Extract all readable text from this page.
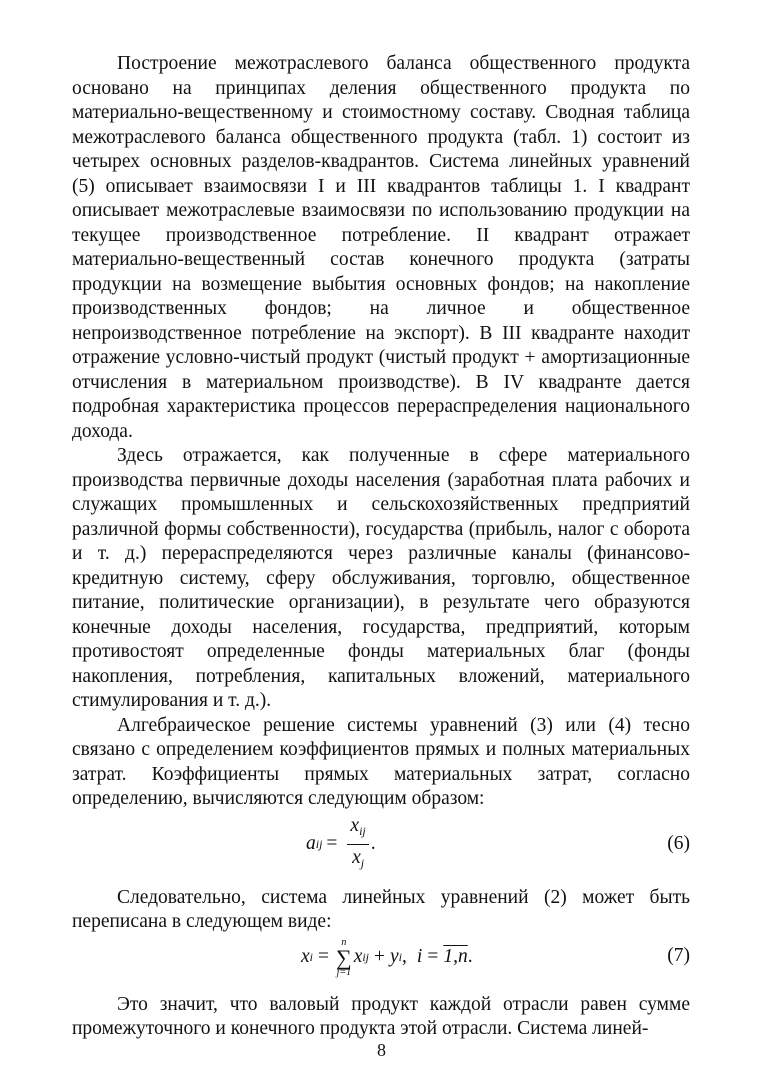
Построение межотраслевого баланса общественного продукта основано на принципах деления общественного продукта по материально-вещественному и стоимостному составу. Сводная таблица межотраслевого баланса общественного продукта (табл. 1) состоит из четырех основных разделов-квадрантов. Система линейных уравнений (5) описывает взаимосвязи I и III квадрантов таблицы 1. I квадрант описывает межотраслевые взаимосвязи по использованию продукции на текущее производственное потребление. II квадрант отражает материально-вещественный состав конечного продукта (затраты продукции на возмещение выбытия основных фондов; на накопление производственных фондов; на личное и общественное непроизводственное потребление на экспорт). В III квадранте находит отражение условно-чистый продукт (чистый продукт + амортизационные отчисления в материальном производстве). В IV квадранте дается подробная характеристика процессов перераспределения национального дохода.

Здесь отражается, как полученные в сфере материального производства первичные доходы населения (заработная плата рабочих и служащих промышленных и сельскохозяйственных предприятий различной формы собственности), государства (прибыль, налог с оборота и т. д.) перераспределяются через различные каналы (финансово-кредитную систему, сферу обслуживания, торговлю, общественное питание, политические организации), в результате чего образуются конечные доходы населения, государства, предприятий, которым противостоят определенные фонды материальных благ (фонды накопления, потребления, капитальных вложений, материального стимулирования и т. д.).

Алгебраическое решение системы уравнений (3) или (4) тесно связано с определением коэффициентов прямых и полных материальных затрат. Коэффициенты прямых материальных затрат, согласно определению, вычисляются следующим образом:

a ij = $\frac{x_{ij}}{x_j}$ .	(6)

Следовательно, система линейных уравнений (2) может быть переписана в следующем виде:

x i =
n
∑
j=1
x ij + y i , i = 1,n .	(7)

Это значит, что валовый продукт каждой отрасли равен сумме промежуточного и конечного продукта этой отрасли. Система линей-

8
